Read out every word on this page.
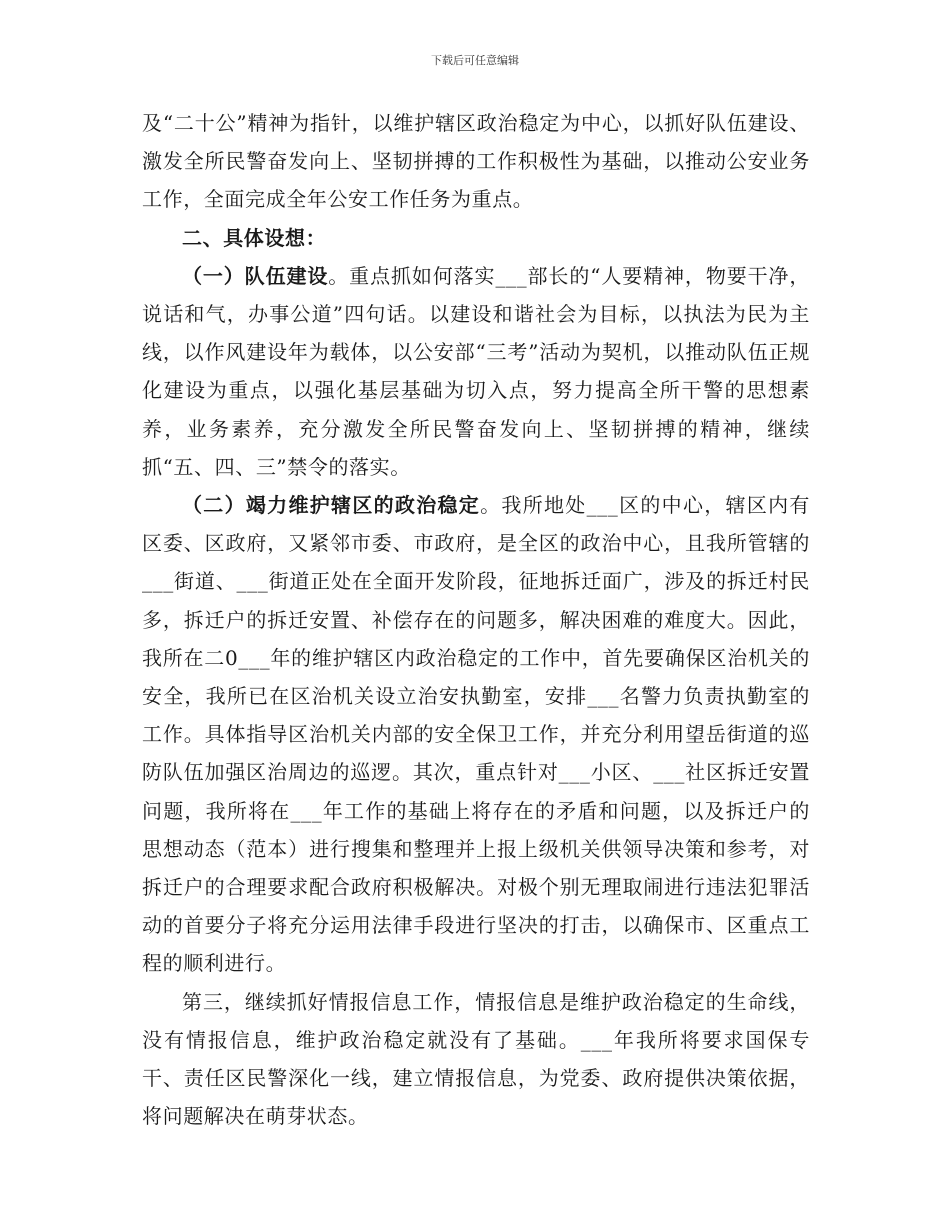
下载后可任意编辑

及“二十公”精神为指针，以维护辖区政治稳定为中心，以抓好队伍建设、激发全所民警奋发向上、坚韧拼搏的工作积极性为基础，以推动公安业务工作，全面完成全年公安工作任务为重点。

二、具体设想：

（一）队伍建设。重点抓如何落实___部长的“人要精神，物要干净，说话和气，办事公道”四句话。以建设和谐社会为目标，以执法为民为主线，以作风建设年为载体，以公安部“三考”活动为契机，以推动队伍正规化建设为重点，以强化基层基础为切入点，努力提高全所干警的思想素养，业务素养，充分激发全所民警奋发向上、坚韧拼搏的精神，继续抓“五、四、三”禁令的落实。

（二）竭力维护辖区的政治稳定。我所地处___区的中心，辖区内有区委、区政府，又紧邻市委、市政府，是全区的政治中心，且我所管辖的___街道、___街道正处在全面开发阶段，征地拆迁面广，涉及的拆迁村民多，拆迁户的拆迁安置、补偿存在的问题多，解决困难的难度大。因此，我所在二0___年的维护辖区内政治稳定的工作中，首先要确保区治机关的安全，我所已在区治机关设立治安执勤室，安排___名警力负责执勤室的工作。具体指导区治机关内部的安全保卫工作，并充分利用望岳街道的巡防队伍加强区治周边的巡逻。其次，重点针对___小区、___社区拆迁安置问题，我所将在___年工作的基础上将存在的矛盾和问题，以及拆迁户的思想动态（范本）进行搜集和整理并上报上级机关供领导决策和参考，对拆迁户的合理要求配合政府积极解决。对极个别无理取闹进行违法犯罪活动的首要分子将充分运用法律手段进行坚决的打击，以确保市、区重点工程的顺利进行。

第三，继续抓好情报信息工作，情报信息是维护政治稳定的生命线，没有情报信息，维护政治稳定就没有了基础。___年我所将要求国保专干、责任区民警深化一线，建立情报信息，为党委、政府提供决策依据，将问题解决在萌芽状态。
